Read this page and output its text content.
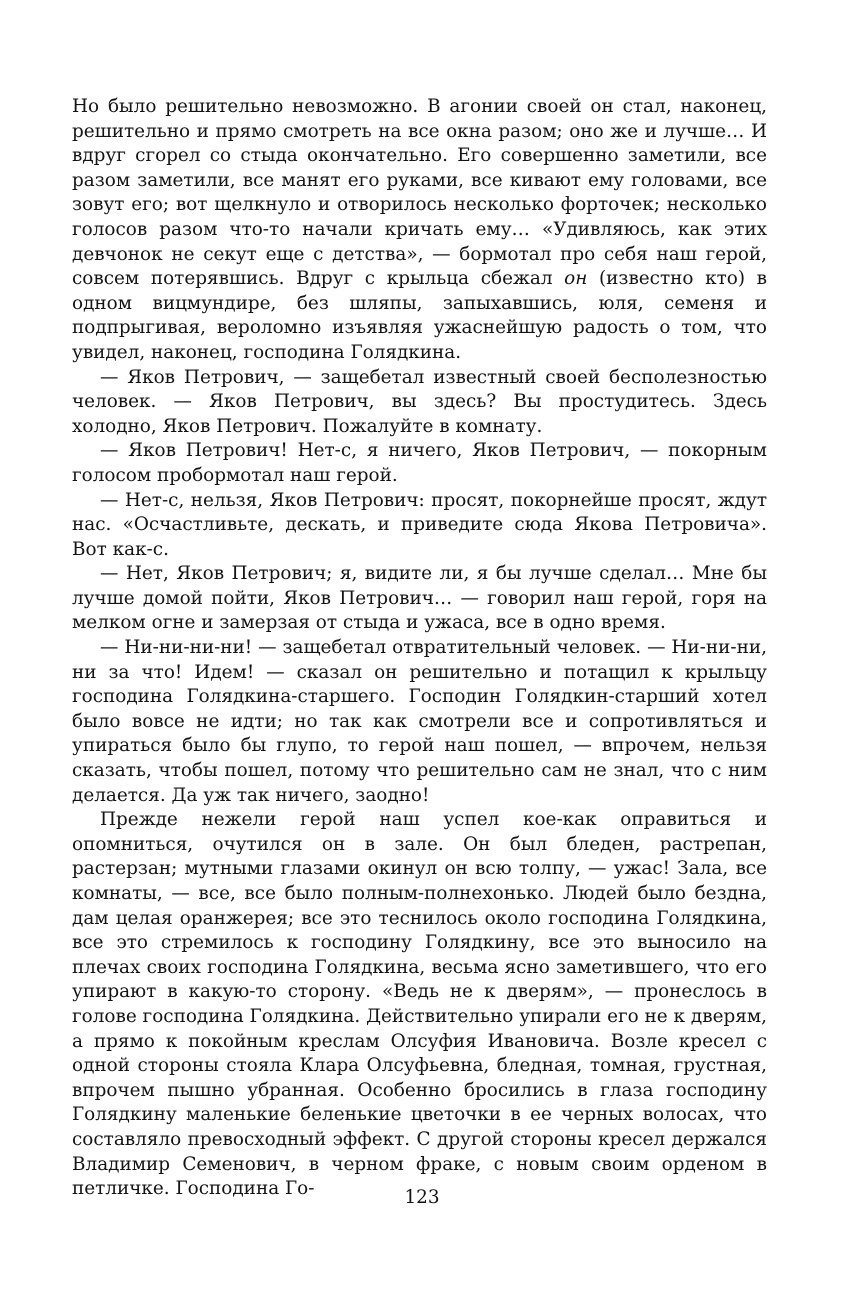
Но было решительно невозможно. В агонии своей он стал, наконец, решительно и прямо смотреть на все окна разом; оно же и лучше… И вдруг сгорел со стыда окончательно. Его совершенно заметили, все разом заметили, все манят его руками, все кивают ему головами, все зовут его; вот щелкнуло и отворилось несколько форточек; несколько голосов разом что-то начали кричать ему… «Удивляюсь, как этих девчонок не секут еще с детства», — бормотал про себя наш герой, совсем потерявшись. Вдруг с крыльца сбежал он (известно кто) в одном вицмундире, без шляпы, запыхавшись, юля, семеня и подпрыгивая, вероломно изъявляя ужаснейшую радость о том, что увидел, наконец, господина Голядкина.

— Яков Петрович, — защебетал известный своей бесполезностью человек. — Яков Петрович, вы здесь? Вы простудитесь. Здесь холодно, Яков Петрович. Пожалуйте в комнату.

— Яков Петрович! Нет-с, я ничего, Яков Петрович, — покорным голосом пробормотал наш герой.

— Нет-с, нельзя, Яков Петрович: просят, покорнейше просят, ждут нас. «Осчастливьте, дескать, и приведите сюда Якова Петровича». Вот как-с.

— Нет, Яков Петрович; я, видите ли, я бы лучше сделал… Мне бы лучше домой пойти, Яков Петрович… — говорил наш герой, горя на мелком огне и замерзая от стыда и ужаса, все в одно время.

— Ни-ни-ни-ни! — защебетал отвратительный человек. — Ни-ни-ни, ни за что! Идем! — сказал он решительно и потащил к крыльцу господина Голядкина-старшего. Господин Голядкин-старший хотел было вовсе не идти; но так как смотрели все и сопротивляться и упираться было бы глупо, то герой наш пошел, — впрочем, нельзя сказать, чтобы пошел, потому что решительно сам не знал, что с ним делается. Да уж так ничего, заодно!

Прежде нежели герой наш успел кое-как оправиться и опомниться, очутился он в зале. Он был бледен, растрепан, растерзан; мутными глазами окинул он всю толпу, — ужас! Зала, все комнаты, — все, все было полным-полнехонько. Людей было бездна, дам целая оранжерея; все это теснилось около господина Голядкина, все это стремилось к господину Голядкину, все это выносило на плечах своих господина Голядкина, весьма ясно заметившего, что его упирают в какую-то сторону. «Ведь не к дверям», — пронеслось в голове господина Голядкина. Действительно упирали его не к дверям, а прямо к покойным креслам Олсуфия Ивановича. Возле кресел с одной стороны стояла Клара Олсуфьевна, бледная, томная, грустная, впрочем пышно убранная. Особенно бросились в глаза господину Голядкину маленькие беленькие цветочки в ее черных волосах, что составляло превосходный эффект. С другой стороны кресел держался Владимир Семенович, в черном фраке, с новым своим орденом в петличке. Господина Го-	123
